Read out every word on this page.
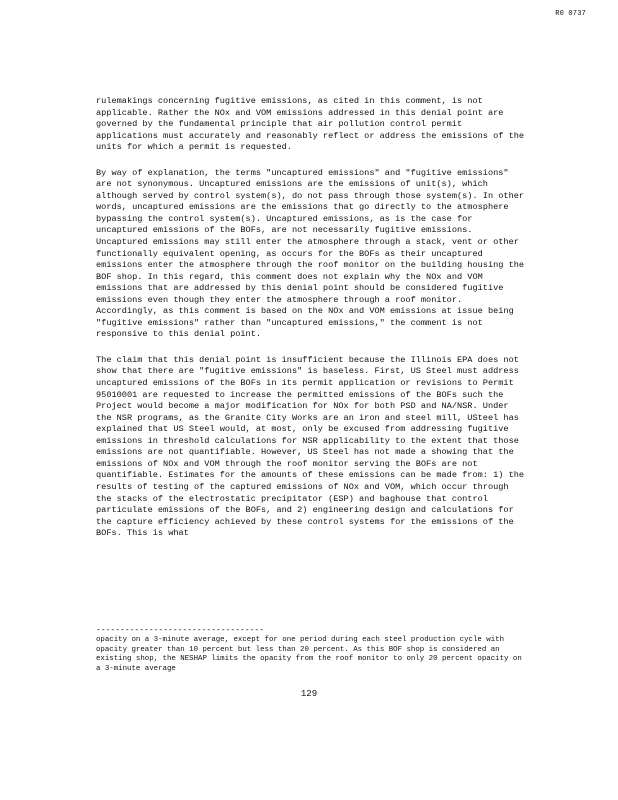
R0 0737

rulemakings concerning fugitive emissions, as cited in this comment, is not applicable. Rather the NOx and VOM emissions addressed in this denial point are governed by the fundamental principle that air pollution control permit applications must accurately and reasonably reflect or address the emissions of the units for which a permit is requested.

By way of explanation, the terms "uncaptured emissions" and "fugitive emissions" are not synonymous. Uncaptured emissions are the emissions of unit(s), which although served by control system(s), do not pass through those system(s). In other words, uncaptured emissions are the emissions that go directly to the atmosphere bypassing the control system(s). Uncaptured emissions, as is the case for uncaptured emissions of the BOFs, are not necessarily fugitive emissions. Uncaptured emissions may still enter the atmosphere through a stack, vent or other functionally equivalent opening, as occurs for the BOFs as their uncaptured emissions enter the atmosphere through the roof monitor on the building housing the BOF shop. In this regard, this comment does not explain why the NOx and VOM emissions that are addressed by this denial point should be considered fugitive emissions even though they enter the atmosphere through a roof monitor. Accordingly, as this comment is based on the NOx and VOM emissions at issue being "fugitive emissions" rather than "uncaptured emissions," the comment is not responsive to this denial point.

The claim that this denial point is insufficient because the Illinois EPA does not show that there are "fugitive emissions" is baseless. First, US Steel must address uncaptured emissions of the BOFs in its permit application or revisions to Permit 95010001 are requested to increase the permitted emissions of the BOFs such the Project would become a major modification for NOx for both PSD and NA/NSR. Under the NSR programs, as the Granite City Works are an iron and steel mill, USteel has explained that US Steel would, at most, only be excused from addressing fugitive emissions in threshold calculations for NSR applicability to the extent that those emissions are not quantifiable. However, US Steel has not made a showing that the emissions of NOx and VOM through the roof monitor serving the BOFs are not quantifiable. Estimates for the amounts of these emissions can be made from: 1) the results of testing of the captured emissions of NOx and VOM, which occur through the stacks of the electrostatic precipitator (ESP) and baghouse that control particulate emissions of the BOFs, and 2) engineering design and calculations for the capture efficiency achieved by these control systems for the emissions of the BOFs. This is what

-----------------------------------

opacity on a 3-minute average, except for one period during each steel production cycle with opacity greater than 10 percent but less than 20 percent. As this BOF shop is considered an existing shop, the NESHAP limits the opacity from the roof monitor to only 20 percent opacity on a 3-minute average

129
